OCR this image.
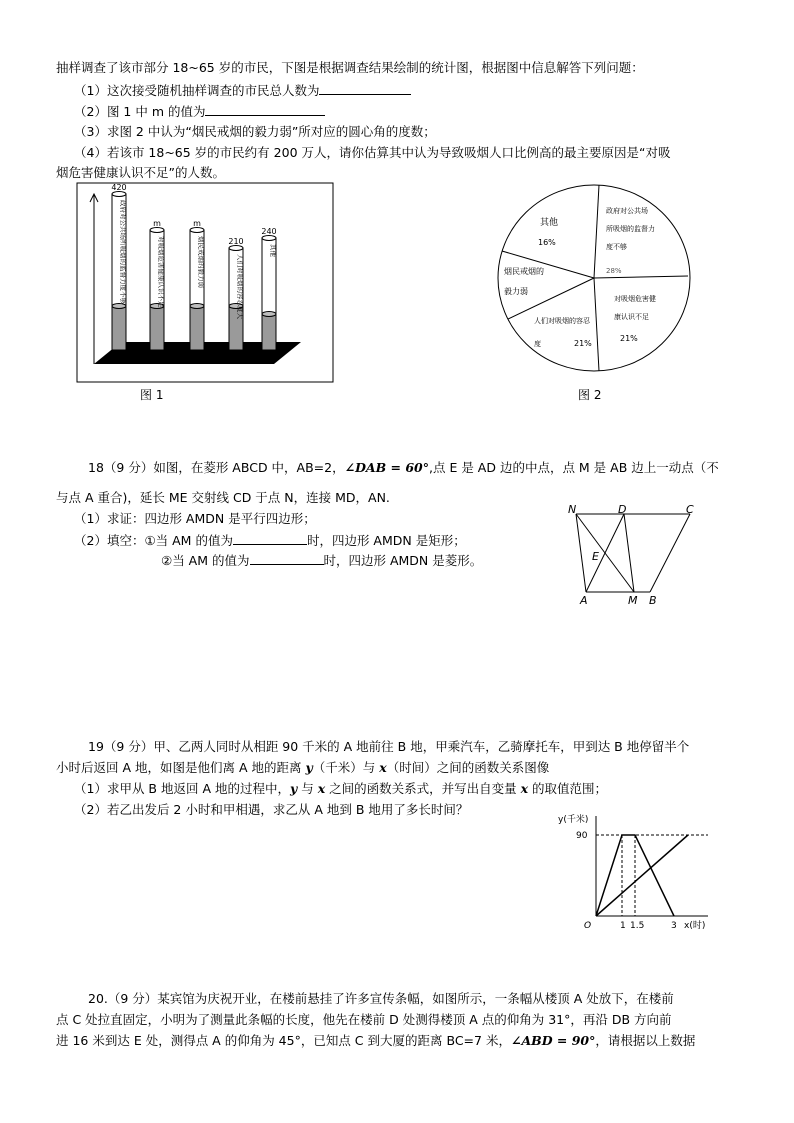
抽样调查了该市部分 18~65 岁的市民，下图是根据调查结果绘制的统计图，根据图中信息解答下列问题：
（1）这次接受随机抽样调查的市民总人数为
（2）图 1 中 m 的值为
（3）求图 2 中认为“烟民戒烟的毅力弱”所对应的圆心角的度数；
（4）若该市 18~65 岁的市民约有 200 万人，请你估算其中认为导致吸烟人口比例高的最主要原因是“对吸
烟危害健康认识不足”的人数。
420
政府对公共场所吸烟的监督力度不够	m
对吸烟危害健康认识不足
m
烟民戒烟的毅力弱	210
人们对吸烟的容忍度大
240
其他
图 1
其他
16%
政府对公共场
所吸烟的监督力
度不够
28%
对吸烟危害健
康认识不足
21%
人们对吸烟的容忍
度	21%
烟民戒烟的
毅力弱
图 2
18（9 分）如图，在菱形 ABCD 中，AB=2，∠DAB = 60°,点 E 是 AD 边的中点，点 M 是 AB 边上一动点（不
与点 A 重合)，延长 ME 交射线 CD 于点 N，连接 MD，AN.
（1）求证：四边形 AMDN 是平行四边形；
（2）填空：①当 AM 的值为	时，四边形 AMDN 是矩形；
②当 AM 的值为	时，四边形 AMDN 是菱形。
N	D	C
E
A	M B
19（9 分）甲、乙两人同时从相距 90 千米的 A 地前往 B 地，甲乘汽车，乙骑摩托车，甲到达 B 地停留半个
小时后返回 A 地，如图是他们离 A 地的距离 y（千米）与 x（时间）之间的函数关系图像
（1）求甲从 B 地返回 A 地的过程中，y 与 x 之间的函数关系式，并写出自变量 x 的取值范围；
（2）若乙出发后 2 小时和甲相遇，求乙从 A 地到 B 地用了多长时间？
y(千米)
90
O	1 1.5	3 x(时)
20.（9 分）某宾馆为庆祝开业，在楼前悬挂了许多宣传条幅，如图所示，一条幅从楼顶 A 处放下，在楼前
点 C 处拉直固定，小明为了测量此条幅的长度，他先在楼前 D 处测得楼顶 A 点的仰角为 31°，再沿 DB 方向前
进 16 米到达 E 处，测得点 A 的仰角为 45°，已知点 C 到大厦的距离 BC=7 米，∠ABD = 90°，请根据以上数据
